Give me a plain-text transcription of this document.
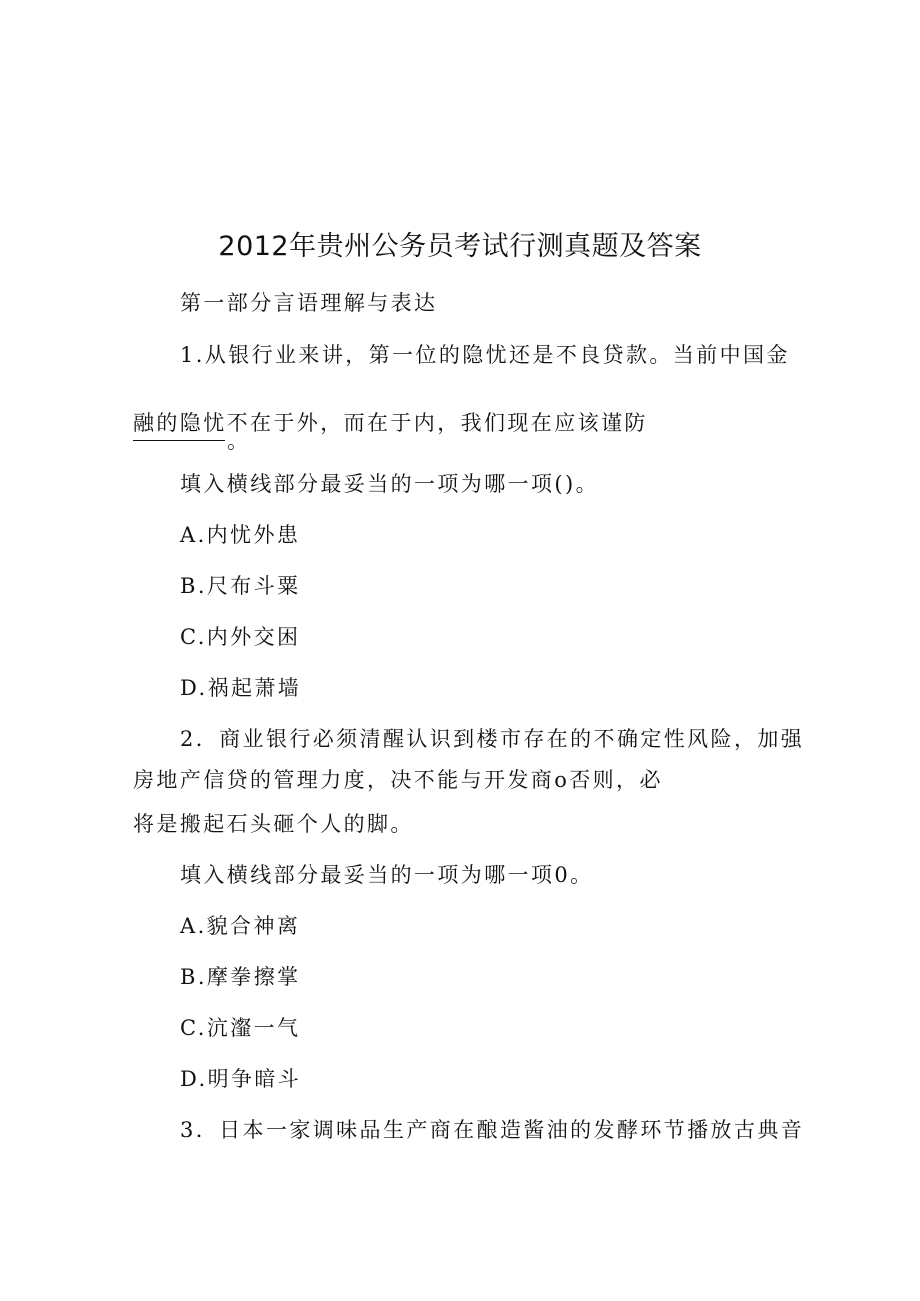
2012年贵州公务员考试行测真题及答案

第一部分言语理解与表达

1.从银行业来讲，第一位的隐忧还是不良贷款。当前中国金

融的隐忧不在于外，而在于内，我们现在应该谨防

。

填入横线部分最妥当的一项为哪一项()。

A.内忧外患

B.尺布斗粟

C.内外交困

D.祸起萧墙

2．商业银行必须清醒认识到楼市存在的不确定性风险，加强

房地产信贷的管理力度，决不能与开发商o否则，必

将是搬起石头砸个人的脚。

填入横线部分最妥当的一项为哪一项0。

A.貌合神离

B.摩拳擦掌

C.沆瀣一气

D.明争暗斗

3．日本一家调味品生产商在酿造酱油的发酵环节播放古典音
